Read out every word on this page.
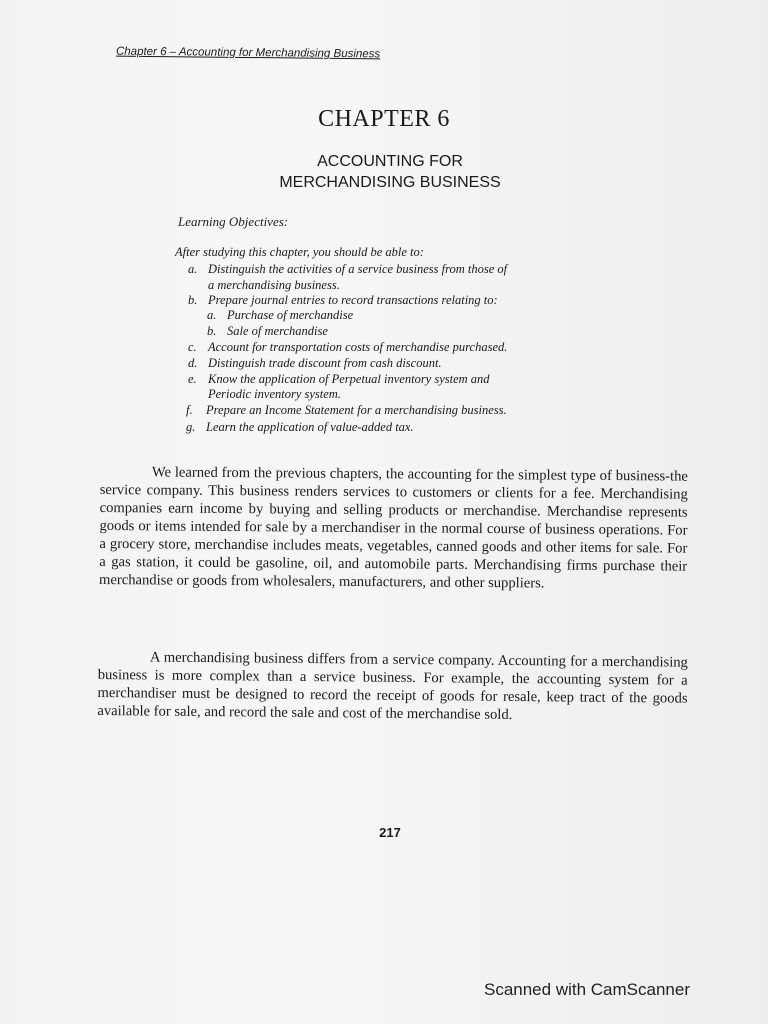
Chapter 6 – Accounting for Merchandising Business
CHAPTER 6
ACCOUNTING FOR
MERCHANDISING BUSINESS
Learning Objectives:
After studying this chapter, you should be able to:
a. Distinguish the activities of a service business from those of
a merchandising business.
b. Prepare journal entries to record transactions relating to:
a. Purchase of merchandise
b. Sale of merchandise
c. Account for transportation costs of merchandise purchased.
d. Distinguish trade discount from cash discount.
e. Know the application of Perpetual inventory system and
Periodic inventory system.
f. Prepare an Income Statement for a merchandising business.
g. Learn the application of value-added tax.

We learned from the previous chapters, the accounting for the simplest type of business-the service company. This business renders services to customers or clients for a fee. Merchandising companies earn income by buying and selling products or merchandise. Merchandise represents goods or items intended for sale by a merchandiser in the normal course of business operations. For a grocery store, merchandise includes meats, vegetables, canned goods and other items for sale. For a gas station, it could be gasoline, oil, and automobile parts. Merchandising firms purchase their merchandise or goods from wholesalers, manufacturers, and other suppliers.

A merchandising business differs from a service company. Accounting for a merchandising business is more complex than a service business. For example, the accounting system for a merchandiser must be designed to record the receipt of goods for resale, keep tract of the goods available for sale, and record the sale and cost of the merchandise sold.

217
Scanned with CamScanner
